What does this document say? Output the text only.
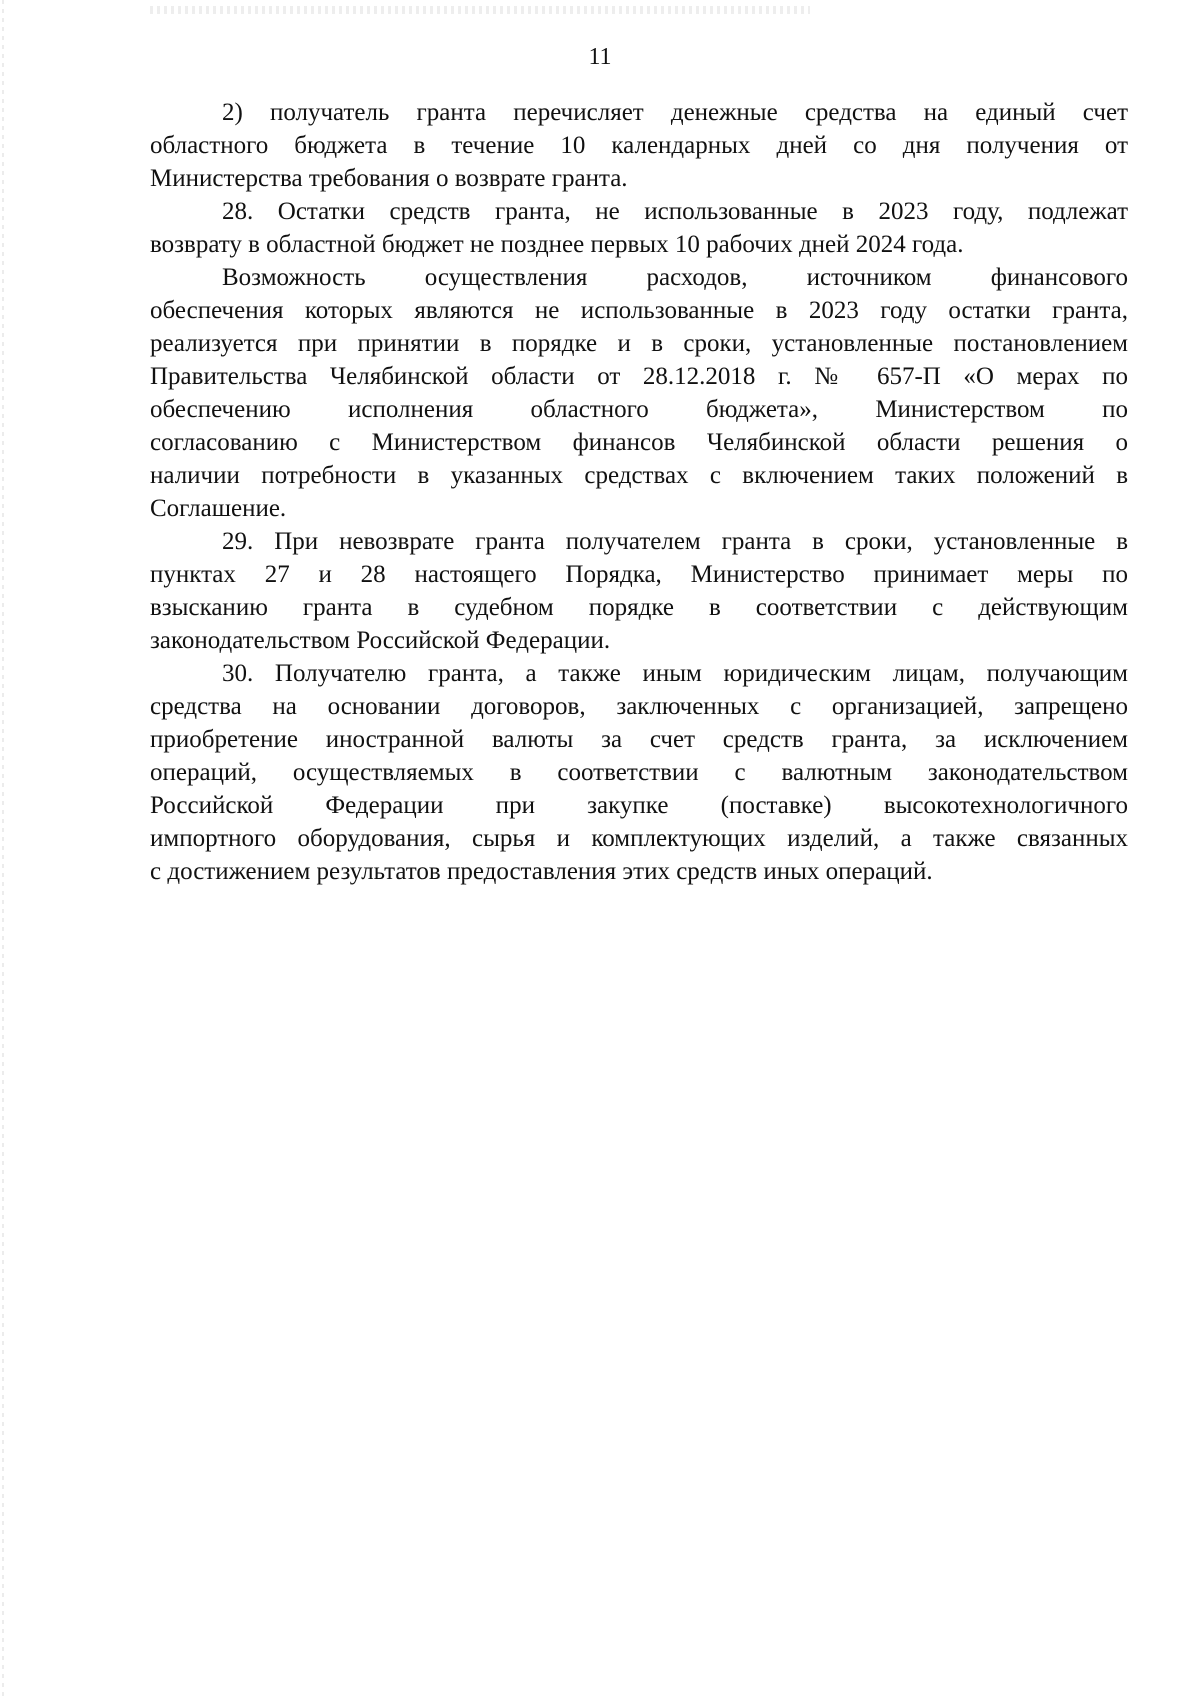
11
2) получатель гранта перечисляет денежные средства на единый счет
областного бюджета в течение 10 календарных дней со дня получения от
Министерства требования о возврате гранта.
28. Остатки средств гранта, не использованные в 2023 году, подлежат
возврату в областной бюджет не позднее первых 10 рабочих дней 2024 года.
Возможность осуществления расходов, источником финансового
обеспечения которых являются не использованные в 2023 году остатки гранта,
реализуется при принятии в порядке и в сроки, установленные постановлением
Правительства Челябинской области от 28.12.2018 г. № 657-П «О мерах по
обеспечению исполнения областного бюджета», Министерством по
согласованию с Министерством финансов Челябинской области решения о
наличии потребности в указанных средствах с включением таких положений в
Соглашение.
29. При невозврате гранта получателем гранта в сроки, установленные в
пунктах 27 и 28 настоящего Порядка, Министерство принимает меры по
взысканию гранта в судебном порядке в соответствии с действующим
законодательством Российской Федерации.
30. Получателю гранта, а также иным юридическим лицам, получающим
средства на основании договоров, заключенных с организацией, запрещено
приобретение иностранной валюты за счет средств гранта, за исключением
операций, осуществляемых в соответствии с валютным законодательством
Российской Федерации при закупке (поставке) высокотехнологичного
импортного оборудования, сырья и комплектующих изделий, а также связанных
с достижением результатов предоставления этих средств иных операций.
